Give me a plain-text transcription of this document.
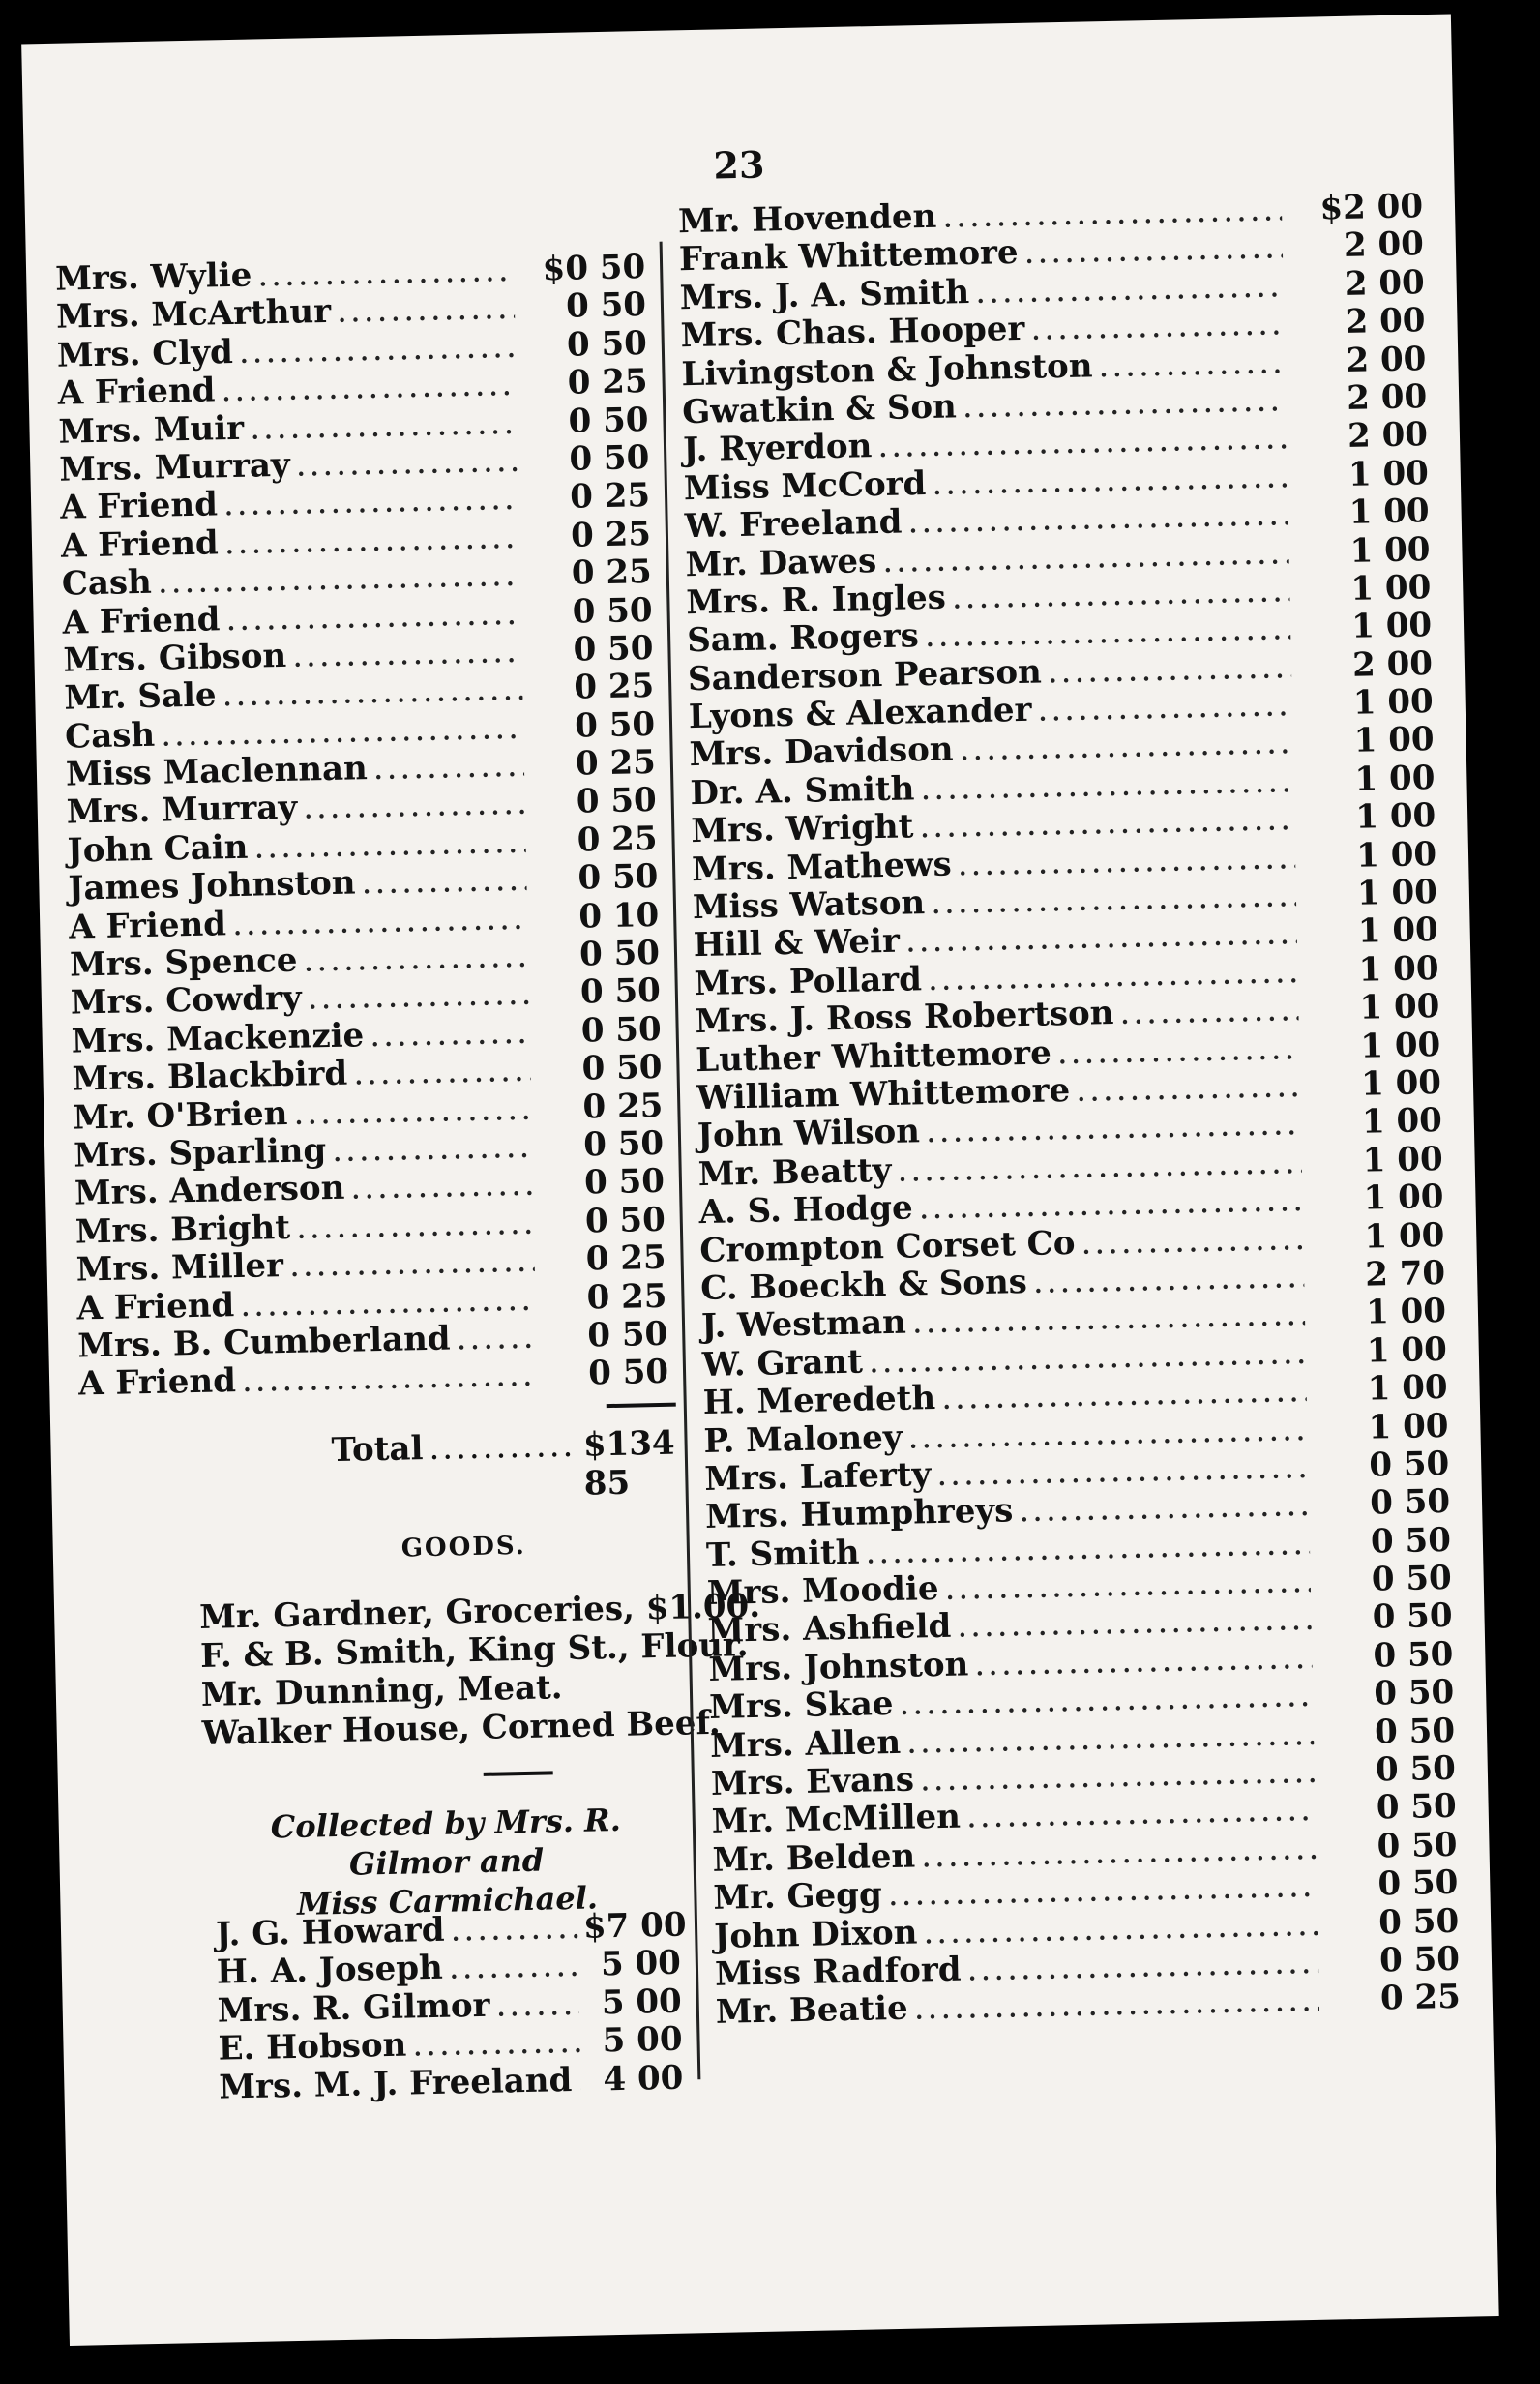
23
Mrs. Wylie .....	$0 50
Mrs. McArthur .....	0 50
Mrs. Clyd .....	0 50
A Friend .....	0 25
Mrs. Muir .....	0 50
Mrs. Murray .....	0 50
A Friend .....	0 25
A Friend .....	0 25
Cash .....	0 25
A Friend .....	0 50
Mrs. Gibson .....	0 50
Mr. Sale .....	0 25
Cash .....	0 50
Miss Maclennan .....	0 25
Mrs. Murray .....	0 50
John Cain .....	0 25
James Johnston .....	0 50
A Friend .....	0 10
Mrs. Spence .....	0 50
Mrs. Cowdry .....	0 50
Mrs. Mackenzie .....	0 50
Mrs. Blackbird .....	0 50
Mr. O'Brien .....	0 25
Mrs. Sparling .....	0 50
Mrs. Anderson .....	0 50
Mrs. Bright .....	0 50
Mrs. Miller .....	0 25
A Friend .....	0 25
Mrs. B. Cumberland .....	0 50
A Friend .....	0 50
Total .....	$134 85
GOODS.
Mr. Gardner, Groceries, $1.00.
F. & B. Smith, King St., Flour.
Mr. Dunning, Meat.
Walker House, Corned Beef.
Collected by Mrs. R. Gilmor and
Miss Carmichael.
J. G. Howard .....	$7 00
H. A. Joseph .....	5 00
Mrs. R. Gilmor .....	5 00
E. Hobson .....	5 00
Mrs. M. J. Freeland ..... 4 00
Mr. Hovenden .....	$2 00
Frank Whittemore .....	2 00
Mrs. J. A. Smith .....	2 00
Mrs. Chas. Hooper .....	2 00
Livingston & Johnston .....	2 00
Gwatkin & Son .....	2 00
J. Ryerdon .....	2 00
Miss McCord .....	1 00
W. Freeland .....	1 00
Mr. Dawes .....	1 00
Mrs. R. Ingles .....	1 00
Sam. Rogers .....	1 00
Sanderson Pearson .....	2 00
Lyons & Alexander .....	1 00
Mrs. Davidson .....	1 00
Dr. A. Smith .....	1 00
Mrs. Wright .....	1 00
Mrs. Mathews .....	1 00
Miss Watson .....	1 00
Hill & Weir .....	1 00
Mrs. Pollard .....	1 00
Mrs. J. Ross Robertson .....	1 00
Luther Whittemore .....	1 00
William Whittemore .....	1 00
John Wilson .....	1 00
Mr. Beatty .....	1 00
A. S. Hodge .....	1 00
Crompton Corset Co .....	1 00
C. Boeckh & Sons .....	2 70
J. Westman .....	1 00
W. Grant .....	1 00
H. Meredeth .....	1 00
P. Maloney .....	1 00
Mrs. Laferty .....	0 50
Mrs. Humphreys .....	0 50
T. Smith .....	0 50
Mrs. Moodie .....	0 50
Mrs. Ashfield .....	0 50
Mrs. Johnston .....	0 50
Mrs. Skae .....	0 50
Mrs. Allen .....	0 50
Mrs. Evans .....	0 50
Mr. McMillen .....	0 50
Mr. Belden .....	0 50
Mr. Gegg .....	0 50
John Dixon .....	0 50
Miss Radford .....	0 50
Mr. Beatie .....	0 25
